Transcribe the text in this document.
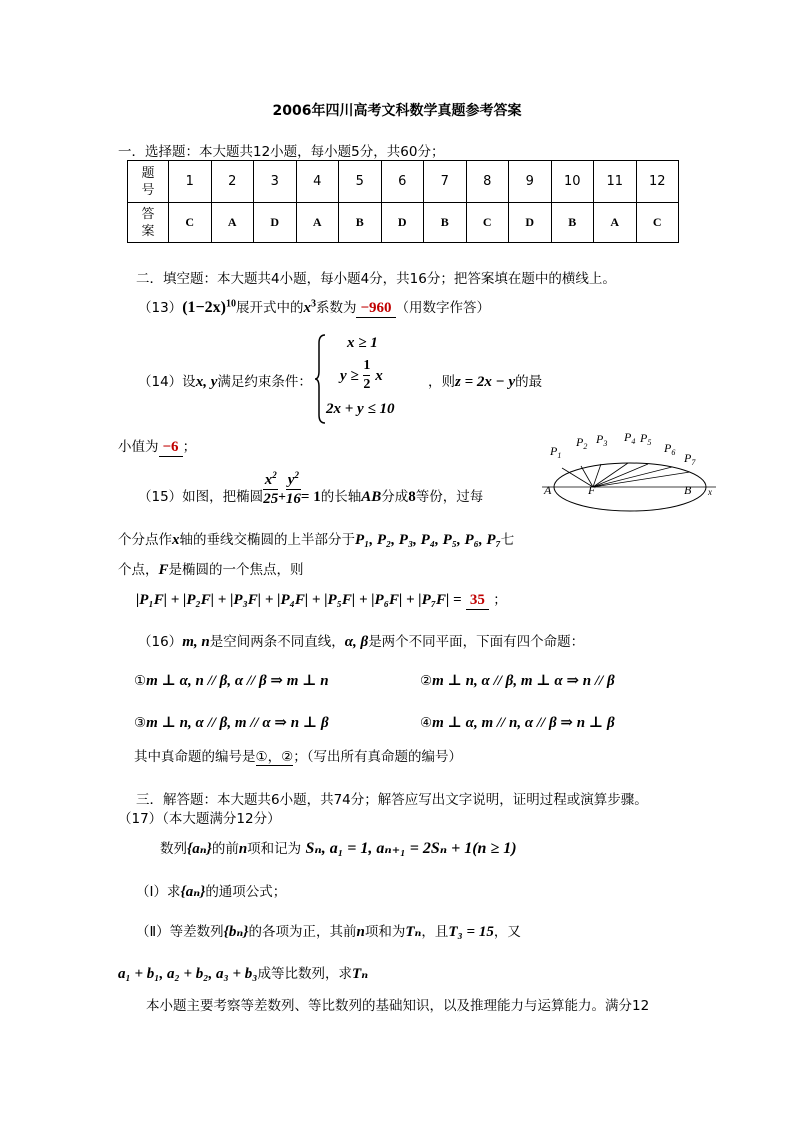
2006年四川高考文科数学真题参考答案
一．选择题：本大题共12小题，每小题5分，共60分；
题
号	1	2	3	4	5	6	7	8	9	10	11	12
答
案	C	A	D	A	B	D	B	C	D	B	A	C
二．填空题：本大题共4小题，每小题4分，共16分；把答案填在题中的横线上。
$(13)(1-2x)^{10}$展开式中的$x^3$系数为 −960 （用数字作答）
（14）设x, y满足约束条件：
x ≥ 1
$y \ge \frac{1}{2}$ x
2x + y ≤ 10
，则z = 2x − y的最
小值为 −6 ；
（15）如图，把椭圆 $\frac{x^2}{25} + \frac{y^2}{16} = 1$的长轴AB分成8等份，过每
$P_1$
$P_2$
$P_3$ $P_4$ $P_5$ $P_6$ $P_7$
A	F	B x
个分点作x轴的垂线交椭圆的上半部分于P₁, P₂, P₃, P₄, P₅, P₆, P₇七
个点，F是椭圆的一个焦点，则
|P₁F| + |P₂F| + |P₃F| + |P₄F| + |P₅F| + |P₆F| + |P₇F| = 35 ；
（16）m, n是空间两条不同直线，α, β是两个不同平面，下面有四个命题：
①m ⊥ α, n // β, α // β ⇒ m ⊥ n	②m ⊥ n, α // β, m ⊥ α ⇒ n // β
③m ⊥ n, α // β, m // α ⇒ n ⊥ β	④m ⊥ α, m // n, α // β ⇒ n ⊥ β
其中真命题的编号是①，②；（写出所有真命题的编号）
三．解答题：本大题共6小题，共74分；解答应写出文字说明，证明过程或演算步骤。
（17）（本大题满分12分）
数列{aₙ}的前n项和记为 Sₙ, a₁ = 1, aₙ₊₁ = 2Sₙ + 1(n ≥ 1)
（Ⅰ）求{aₙ}的通项公式；
（Ⅱ）等差数列{bₙ}的各项为正，其前n项和为Tₙ，且T₃ = 15，又
a₁ + b₁, a₂ + b₂, a₃ + b₃成等比数列，求Tₙ
本小题主要考察等差数列、等比数列的基础知识，以及推理能力与运算能力。满分12
